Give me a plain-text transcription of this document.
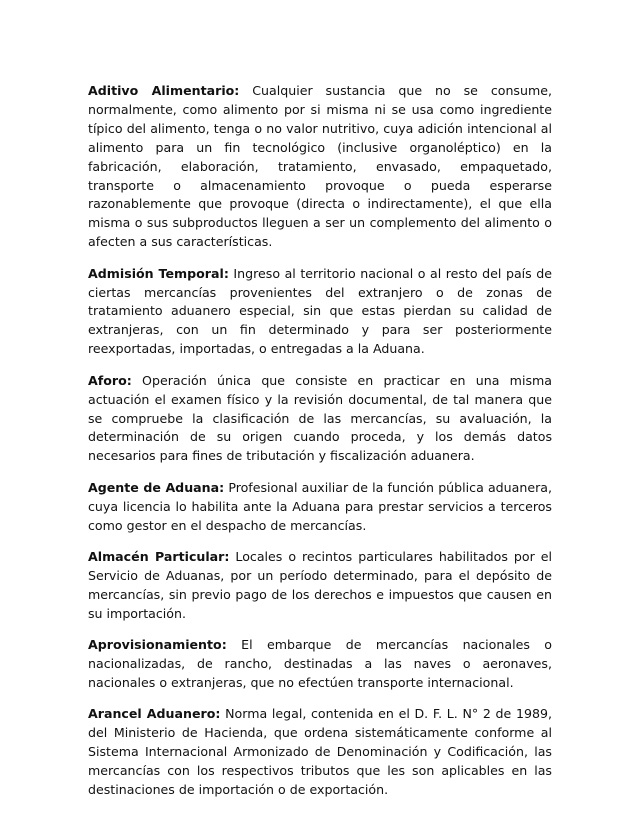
Aditivo Alimentario: Cualquier sustancia que no se consume, normalmente, como alimento por si misma ni se usa como ingrediente típico del alimento, tenga o no valor nutritivo, cuya adición intencional al alimento para un fin tecnológico (inclusive organoléptico) en la fabricación, elaboración, tratamiento, envasado, empaquetado, transporte o almacenamiento provoque o pueda esperarse razonablemente que provoque (directa o indirectamente), el que ella misma o sus subproductos lleguen a ser un complemento del alimento o afecten a sus características.

Admisión Temporal: Ingreso al territorio nacional o al resto del país de ciertas mercancías provenientes del extranjero o de zonas de tratamiento aduanero especial, sin que estas pierdan su calidad de extranjeras, con un fin determinado y para ser posteriormente reexportadas, importadas, o entregadas a la Aduana.

Aforo: Operación única que consiste en practicar en una misma actuación el examen físico y la revisión documental, de tal manera que se compruebe la clasificación de las mercancías, su avaluación, la determinación de su origen cuando proceda, y los demás datos necesarios para fines de tributación y fiscalización aduanera.

Agente de Aduana: Profesional auxiliar de la función pública aduanera, cuya licencia lo habilita ante la Aduana para prestar servicios a terceros como gestor en el despacho de mercancías.

Almacén Particular: Locales o recintos particulares habilitados por el Servicio de Aduanas, por un período determinado, para el depósito de mercancías, sin previo pago de los derechos e impuestos que causen en su importación.

Aprovisionamiento: El embarque de mercancías nacionales o nacionalizadas, de rancho, destinadas a las naves o aeronaves, nacionales o extranjeras, que no efectúen transporte internacional.

Arancel Aduanero: Norma legal, contenida en el D. F. L. N° 2 de 1989, del Ministerio de Hacienda, que ordena sistemáticamente conforme al Sistema Internacional Armonizado de Denominación y Codificación, las mercancías con los respectivos tributos que les son aplicables en las destinaciones de importación o de exportación.
